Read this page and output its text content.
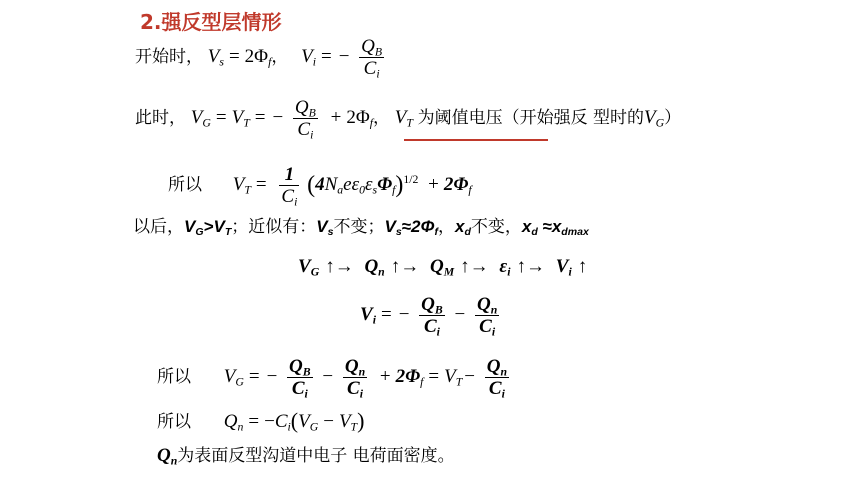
2.强反型层情形
开始时， $V_s = 2\Phi_f$， $V_i$ = − $\frac{Q_B}{C_i}$
此时， $V_G = V_T$ = − $\frac{Q_B}{C_i} + 2\Phi_f$， $V_T$ 为阈值电压（开始强反 型时的$V_G$）
所以 $V_T = \frac{1}{C_i} (4N_ae\varepsilon_0\varepsilon_s\Phi_f)^{1/2} + 2\Phi_f$
以后，$V_G>V_T$；近似有：$V_s$不变；$V_s\approx 2\Phi_f$，$x_d$不变，$x_d \approx x_{dmax}$
$V_G$ ↑→ $Q_n$ ↑→ $Q_M$ ↑→ $\varepsilon_i$ ↑→ $V_i$ ↑
$V_i$ = − $\frac{Q_B}{C_i} - \frac{Q_n}{C_i}$
所以 $V_G$ = − $\frac{Q_B}{C_i} - \frac{Q_n}{C_i} + 2\Phi_f = V_T - \frac{Q_n}{C_i}$
所以 $Q_n = -C_i(V_G - V_T)$
$Q_n$为表面反型沟道中电子 电荷面密度。
